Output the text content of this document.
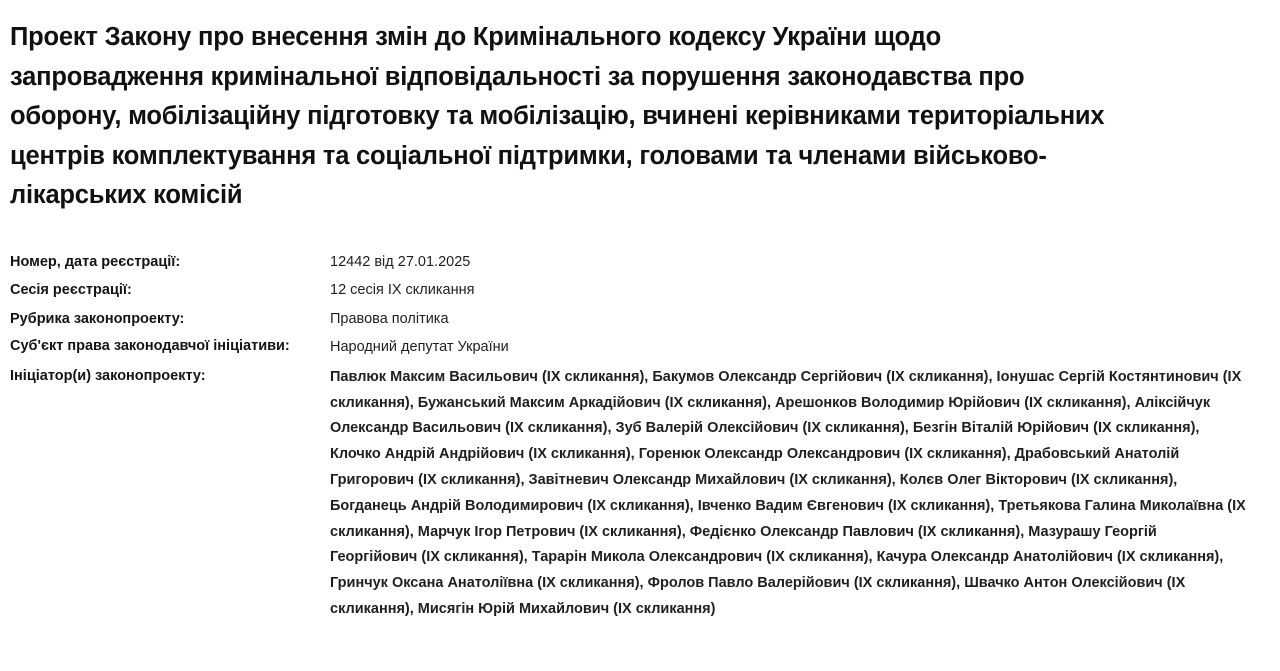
Проект Закону про внесення змін до Кримінального кодексу України щодо запровадження кримінальної відповідальності за порушення законодавства про оборону, мобілізаційну підготовку та мобілізацію, вчинені керівниками територіальних центрів комплектування та соціальної підтримки, головами та членами військово-лікарських комісій
Номер, дата реєстрації:	12442 від 27.01.2025
Сесія реєстрації:	12 сесія IX скликання
Рубрика законопроекту:	Правова політика
Суб'єкт права законодавчої ініціативи:	Народний депутат України
Ініціатор(и) законопроекту:	Павлюк Максим Васильович (IX скликання), Бакумов Олександр Сергійович (IX скликання), Іонушас Сергій Костянтинович (IX скликання), Бужанський Максим Аркадійович (IX скликання), Арешонков Володимир Юрійович (IX скликання), Аліксійчук Олександр Васильович (IX скликання), Зуб Валерій Олексійович (IX скликання), Безгін Віталій Юрійович (IX скликання), Клочко Андрій Андрійович (IX скликання), Горенюк Олександр Олександрович (IX скликання), Драбовський Анатолій Григорович (IX скликання), Завітневич Олександр Михайлович (IX скликання), Колєв Олег Вікторович (IX скликання), Богданець Андрій Володимирович (IX скликання), Івченко Вадим Євгенович (IX скликання), Третьякова Галина Миколаївна (IX скликання), Марчук Ігор Петрович (IX скликання), Федієнко Олександр Павлович (IX скликання), Мазурашу Георгій Георгійович (IX скликання), Тарарін Микола Олександрович (IX скликання), Качура Олександр Анатолійович (IX скликання), Гринчук Оксана Анатоліївна (IX скликання), Фролов Павло Валерійович (IX скликання), Швачко Антон Олексійович (IX скликання), Мисягін Юрій Михайлович (IX скликання)
